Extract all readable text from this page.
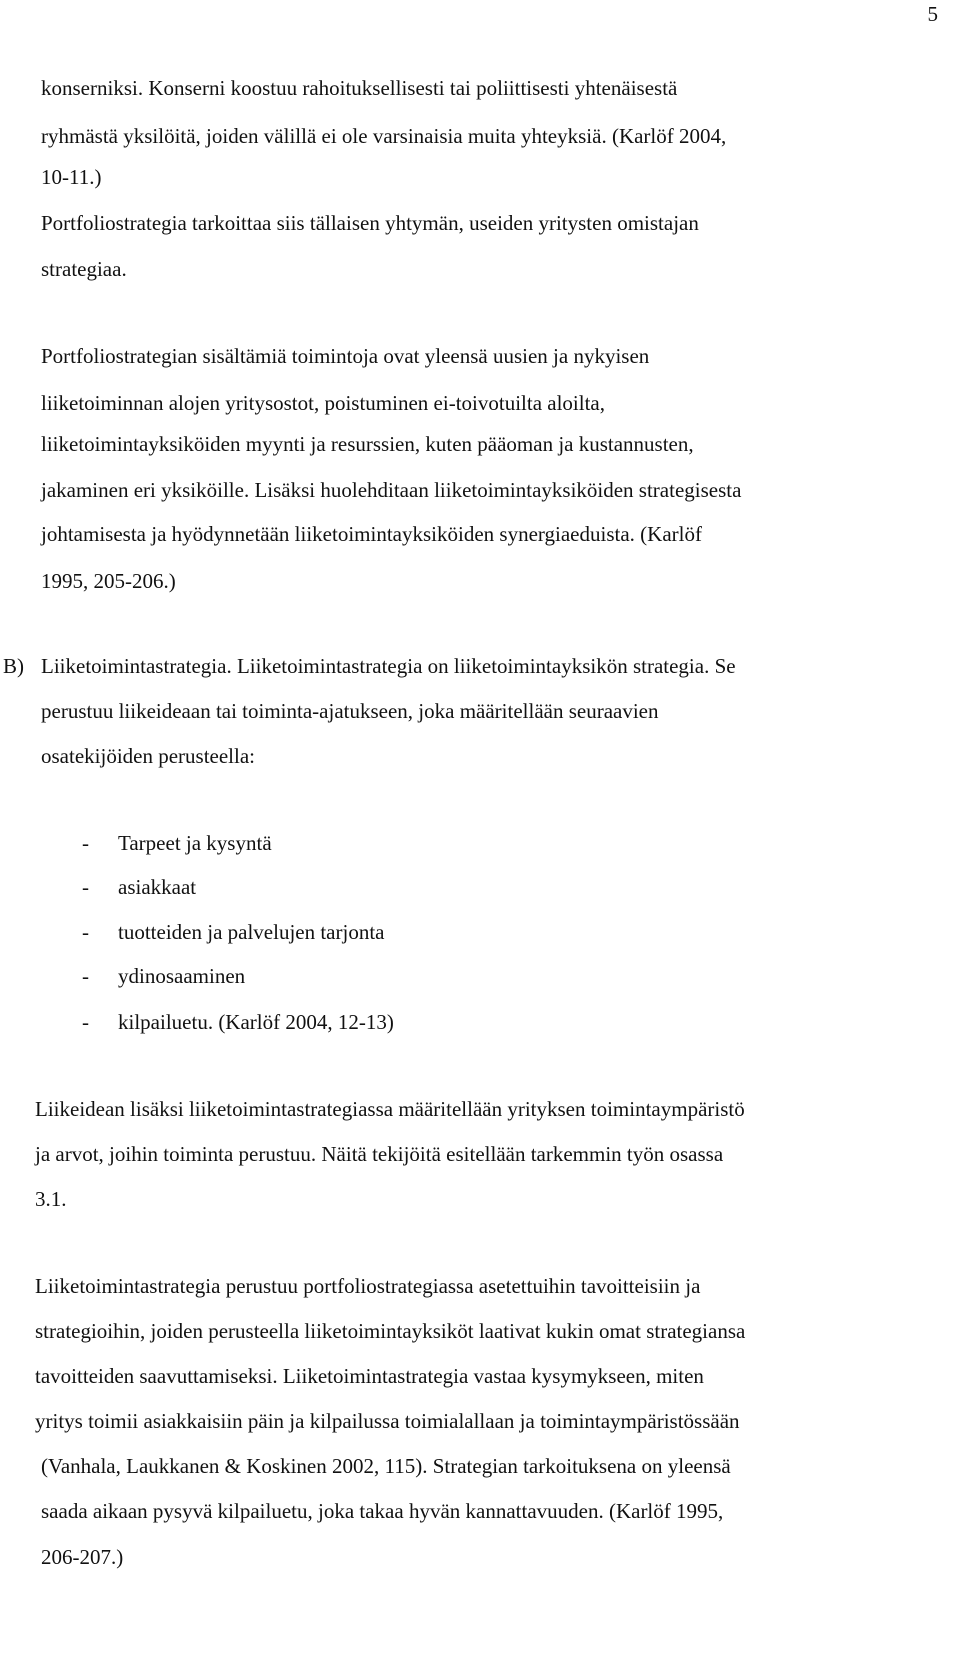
5
konserniksi. Konserni koostuu rahoituksellisesti tai poliittisesti yhtenäisestä
ryhmästä yksilöitä, joiden välillä ei ole varsinaisia muita yhteyksiä. (Karlöf 2004,
10-11.)
Portfoliostrategia tarkoittaa siis tällaisen yhtymän, useiden yritysten omistajan
strategiaa.
Portfoliostrategian sisältämiä toimintoja ovat yleensä uusien ja nykyisen
liiketoiminnan alojen yritysostot, poistuminen ei-toivotuilta aloilta,
liiketoimintayksiköiden myynti ja resurssien, kuten pääoman ja kustannusten,
jakaminen eri yksiköille. Lisäksi huolehditaan liiketoimintayksiköiden strategisesta
johtamisesta ja hyödynnetään liiketoimintayksiköiden synergiaeduista. (Karlöf
1995, 205-206.)
B) Liiketoimintastrategia. Liiketoimintastrategia on liiketoimintayksikön strategia. Se
perustuu liikeideaan tai toiminta-ajatukseen, joka määritellään seuraavien
osatekijöiden perusteella:
- Tarpeet ja kysyntä
- asiakkaat
- tuotteiden ja palvelujen tarjonta
- ydinosaaminen
- kilpailuetu. (Karlöf 2004, 12-13)
Liikeidean lisäksi liiketoimintastrategiassa määritellään yrityksen toimintaympäristö
ja arvot, joihin toiminta perustuu. Näitä tekijöitä esitellään tarkemmin työn osassa
3.1.
Liiketoimintastrategia perustuu portfoliostrategiassa asetettuihin tavoitteisiin ja
strategioihin, joiden perusteella liiketoimintayksiköt laativat kukin omat strategiansa
tavoitteiden saavuttamiseksi. Liiketoimintastrategia vastaa kysymykseen, miten
yritys toimii asiakkaisiin päin ja kilpailussa toimialallaan ja toimintaympäristössään
(Vanhala, Laukkanen & Koskinen 2002, 115). Strategian tarkoituksena on yleensä
saada aikaan pysyvä kilpailuetu, joka takaa hyvän kannattavuuden. (Karlöf 1995,
206-207.)
